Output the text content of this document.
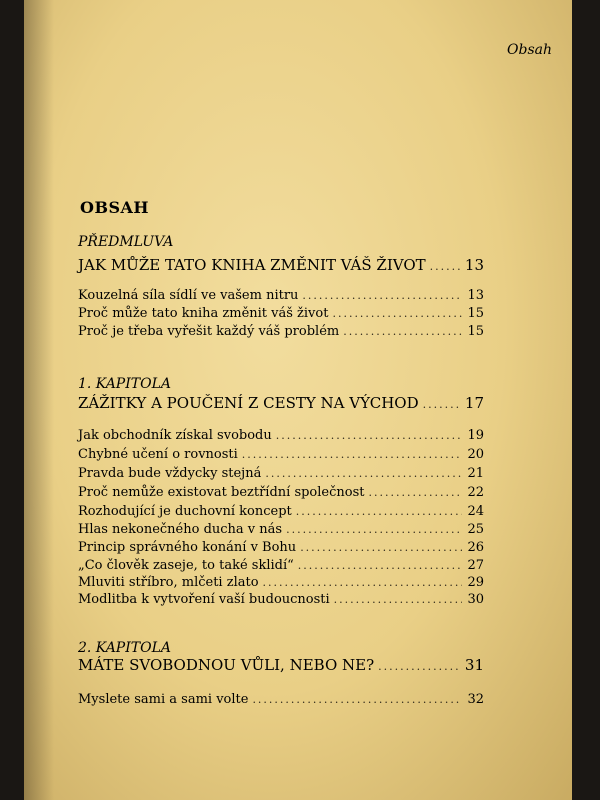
Obsah
OBSAH
PŘEDMLUVA
JAK MŮŽE TATO KNIHA ZMĚNIT VÁŠ ŽIVOT .....	13
Kouzelná síla sídlí ve vašem nitru .....	13
Proč může tato kniha změnit váš život .....	15
Proč je třeba vyřešit každý váš problém .....	15
1. KAPITOLA
ZÁŽITKY A POUČENÍ Z CESTY NA VÝCHOD .....	17
Jak obchodník získal svobodu .....	19
Chybné učení o rovnosti .....	20
Pravda bude vždycky stejná .....	21
Proč nemůže existovat beztřídní společnost .....	22
Rozhodující je duchovní koncept .....	24
Hlas nekonečného ducha v nás .....	25
Princip správného konání v Bohu .....	26
„Co člověk zaseje, to také sklidí“ .....	27
Mluviti stříbro, mlčeti zlato .....	29
Modlitba k vytvoření vaší budoucnosti .....	30
2. KAPITOLA
MÁTE SVOBODNOU VŮLI, NEBO NE? .....	31
Myslete sami a sami volte .....	32
